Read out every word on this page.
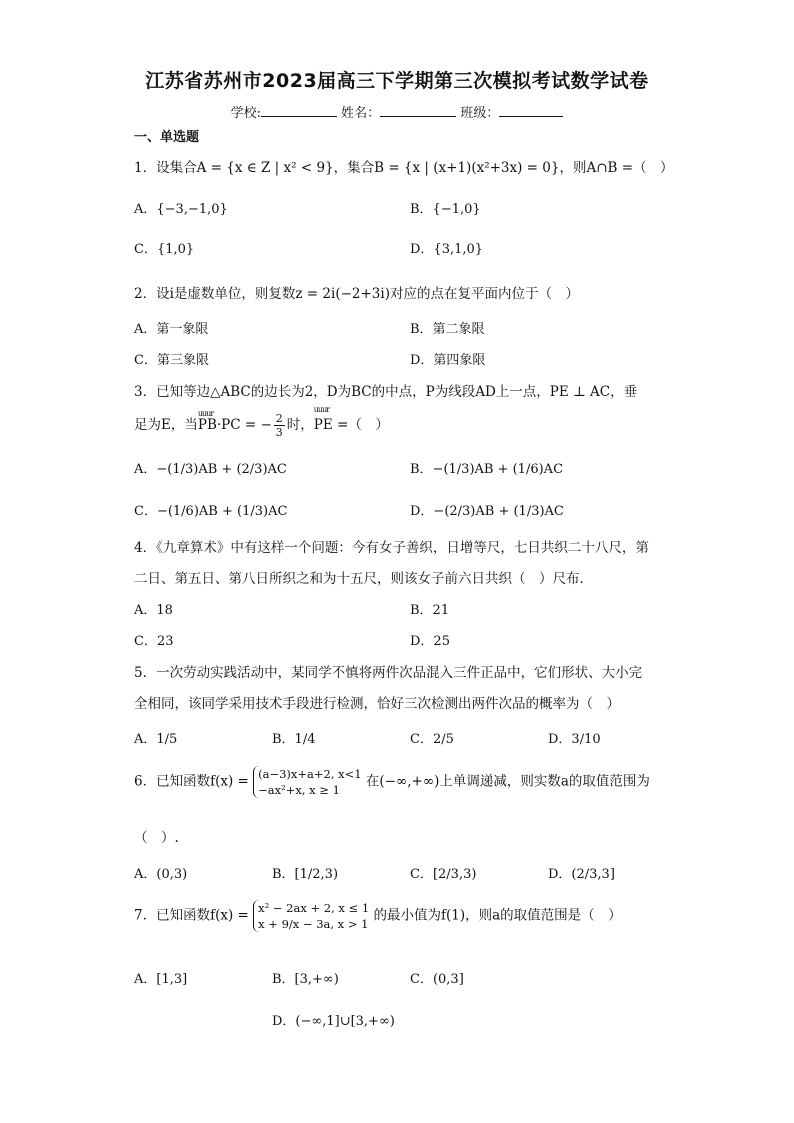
江苏省苏州市2023届高三下学期第三次模拟考试数学试卷
学校:	姓名：	班级：
一、单选题
1．设集合A = {x ∈ Z | x² < 9}，集合B = {x | (x+1)(x²+3x) = 0}，则A∩B =（　）
A．{−3,−1,0}	B．{−1,0}
C．{1,0}	D．{3,1,0}
2．设i是虚数单位，则复数z = 2i(−2+3i)对应的点在复平面内位于（　）
A．第一象限	B．第二象限
C．第三象限	D．第四象限
3．已知等边△ABC的边长为2，D为BC的中点，P为线段AD上一点，PE ⊥ AC，垂
足为E，当uuur PB·PC = − $\frac{2}{3}$ 时，uuur PE =（　）
A．−(1/3)AB + (2/3)AC	B．−(1/3)AB + (1/6)AC
C．−(1/6)AB + (1/3)AC	D．−(2/3)AB + (1/3)AC
4．《九章算术》中有这样一个问题：今有女子善织，日增等尺，七日共织二十八尺，第
二日、第五日、第八日所织之和为十五尺，则该女子前六日共织（　）尺布.
A．18	B．21
C．23	D．25
5．一次劳动实践活动中，某同学不慎将两件次品混入三件正品中，它们形状、大小完
全相同，该同学采用技术手段进行检测，恰好三次检测出两件次品的概率为（　）
A．1/5	B．1/4	C．2/5	D．3/10
6．已知函数f(x) = (a−3)x+a+2, x<1
−ax²+x, x ≥ 1 在(−∞,+∞)上单调递减，则实数a的取值范围为
（　）.
A．(0,3)	B．[1/2,3)	C．[2/3,3)	D．(2/3,3]
7．已知函数f(x) = x² − 2ax + 2, x ≤ 1
x + 9/x − 3a, x > 1 的最小值为f(1)，则a的取值范围是（　）
A．[1,3]	B．[3,+∞)	C．(0,3]
D．(−∞,1]∪[3,+∞)
